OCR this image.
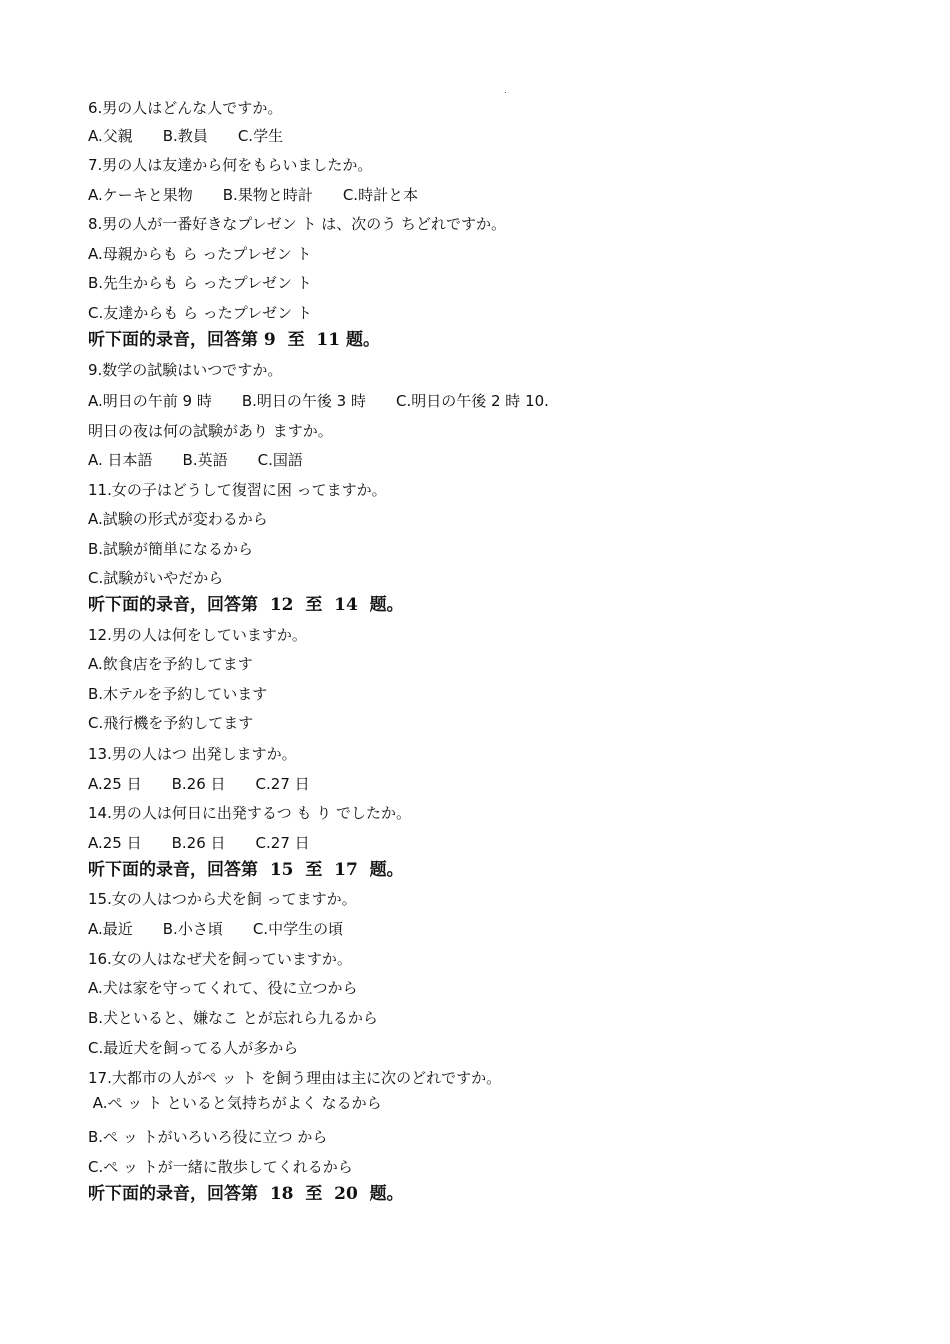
6.男の人はどんな人ですか。
A.父親　　B.教員　　C.学生
7.男の人は友達から何をもらいましたか。
A.ケーキと果物　　B.果物と時計　　C.時計と本
8.男の人が一番好きなプレゼン ト は、次のう ちどれですか。
A.母親からも ら ったプレゼン ト
B.先生からも ら ったプレゼン ト
C.友達からも ら ったプレゼン ト
听下面的录音，回答第 9  至  11 题。
9.数学の試験はいつですか。
A.明日の午前 9 時　　B.明日の午後 3 時　　C.明日の午後 2 時 10.
明日の夜は何の試験があり ますか。
A. 日本語　　B.英語　　C.国語
11.女の子はどうして復習に困 ってますか。
A.試験の形式が変わるから
B.試験が簡単になるから
C.試験がいやだから
听下面的录音，回答第  12  至  14  题。
12.男の人は何をしていますか。
A.飲食店を予約してます
B.木テルを予約しています
C.飛行機を予約してます
13.男の人はつ 出発しますか。
A.25 日　　B.26 日　　C.27 日
14.男の人は何日に出発するつ も り でしたか。
A.25 日　　B.26 日　　C.27 日
听下面的录音，回答第  15  至  17  题。
15.女の人はつから犬を飼 ってますか。
A.最近　　B.小さ頃　　C.中学生の頃
16.女の人はなぜ犬を飼っていますか。
A.犬は家を守ってくれて、役に立つから
B.犬といると、嫌なこ とが忘れら九るから
C.最近犬を飼ってる人が多から
17.大都市の人がぺ ッ ト を飼う理由は主に次のどれですか。
A.ぺ ッ ト といると気持ちがよく なるから
B.ぺ ッ トがいろいろ役に立つ から
C.ぺ ッ トが一緒に散歩してくれるから
听下面的录音，回答第  18  至  20  题。
